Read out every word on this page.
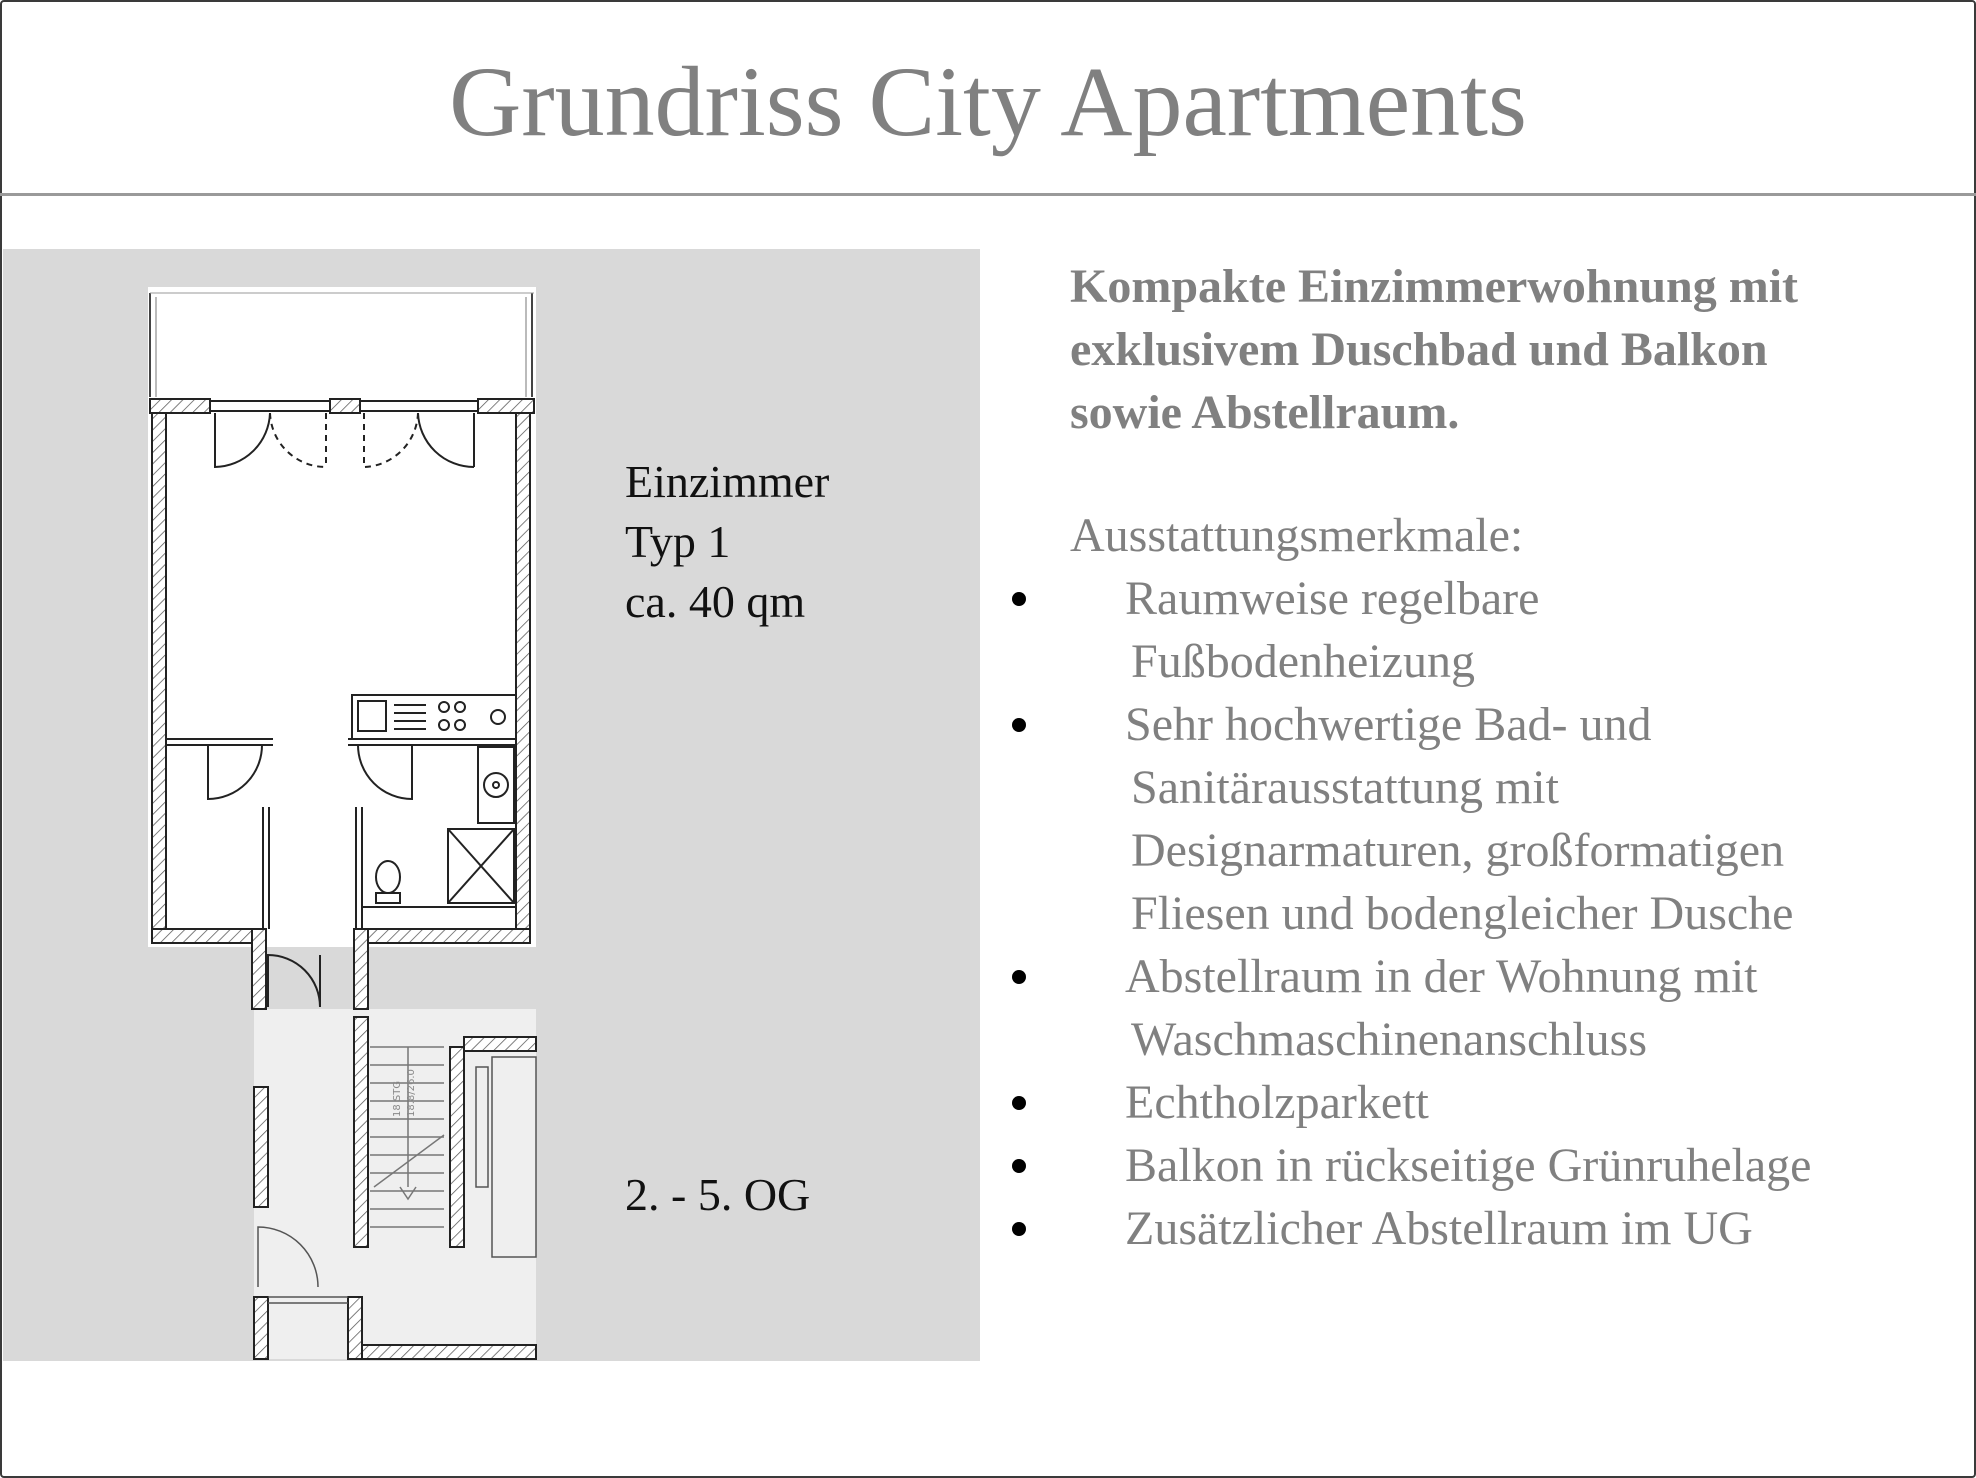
Grundriss City Apartments
18 STG 18.8/26.0
Einzimmer
Typ 1
ca. 40 qm
2. - 5. OG

Kompakte Einzimmerwohnung mit
exklusivem Duschbad und Balkon
sowie Abstellraum.

Ausstattungsmerkmale:

Raumweise regelbare
Fußbodenheizung
Sehr hochwertige Bad- und
Sanitärausstattung mit
Designarmaturen, großformatigen
Fliesen und bodengleicher Dusche
Abstellraum in der Wohnung mit
Waschmaschinenanschluss
Echtholzparkett
Balkon in rückseitige Grünruhelage
Zusätzlicher Abstellraum im UG
